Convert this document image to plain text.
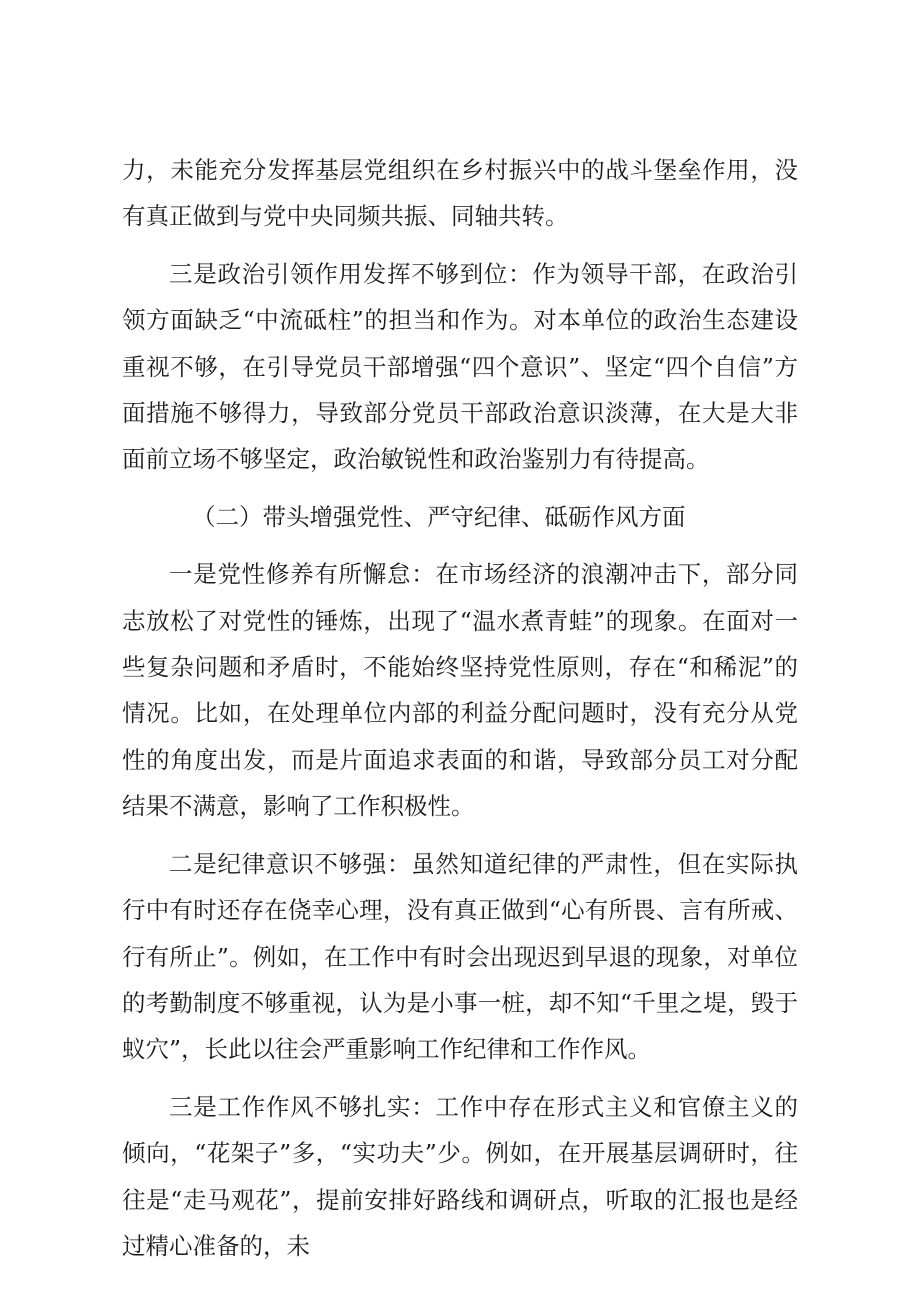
力，未能充分发挥基层党组织在乡村振兴中的战斗堡垒作用，没有真正做到与党中央同频共振、同轴共转。

三是政治引领作用发挥不够到位：作为领导干部，在政治引领方面缺乏“中流砥柱”的担当和作为。对本单位的政治生态建设重视不够，在引导党员干部增强“四个意识”、坚定“四个自信”方面措施不够得力，导致部分党员干部政治意识淡薄，在大是大非面前立场不够坚定，政治敏锐性和政治鉴别力有待提高。

（二）带头增强党性、严守纪律、砥砺作风方面

一是党性修养有所懈怠：在市场经济的浪潮冲击下，部分同志放松了对党性的锤炼，出现了“温水煮青蛙”的现象。在面对一些复杂问题和矛盾时，不能始终坚持党性原则，存在“和稀泥”的情况。比如，在处理单位内部的利益分配问题时，没有充分从党性的角度出发，而是片面追求表面的和谐，导致部分员工对分配结果不满意，影响了工作积极性。

二是纪律意识不够强：虽然知道纪律的严肃性，但在实际执行中有时还存在侥幸心理，没有真正做到“心有所畏、言有所戒、行有所止”。例如，在工作中有时会出现迟到早退的现象，对单位的考勤制度不够重视，认为是小事一桩，却不知“千里之堤，毁于蚁穴”，长此以往会严重影响工作纪律和工作作风。

三是工作作风不够扎实：工作中存在形式主义和官僚主义的倾向，“花架子”多，“实功夫”少。例如，在开展基层调研时，往往是“走马观花”，提前安排好路线和调研点，听取的汇报也是经过精心准备的，未
